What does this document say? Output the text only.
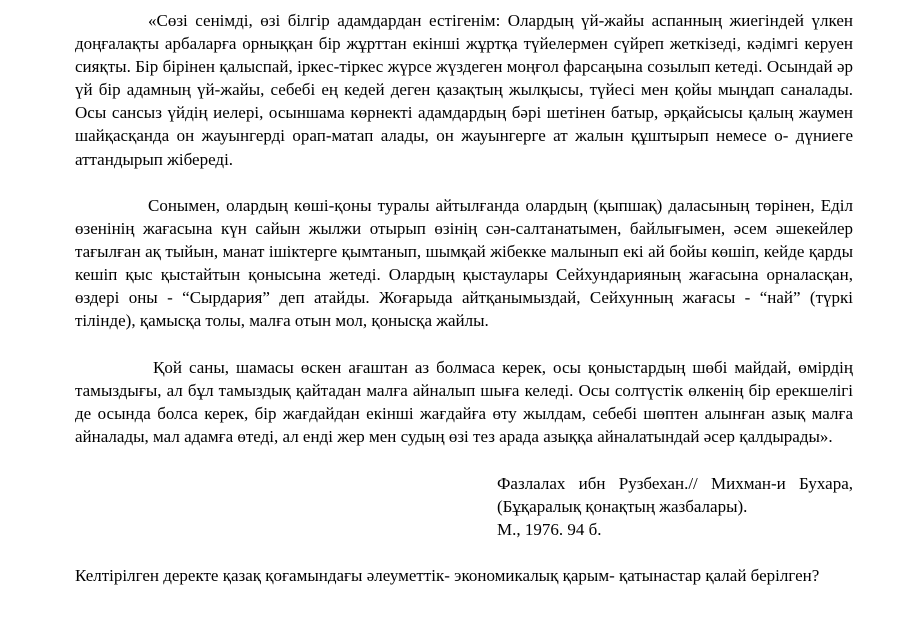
«Сөзі сенімді, өзі білгір адамдардан естігенім: Олардың үй-жайы аспанның жиегіндей үлкен доңғалақты арбаларға орныққан бір жұрттан екінші жұртқа түйелермен сүйреп жеткізеді, кәдімгі керуен сияқты. Бір бірінен қалыспай, іркес-тіркес жүрсе жүздеген моңғол фарсаңына созылып кетеді. Осындай әр үй бір адамның үй-жайы, себебі ең кедей деген қазақтың жылқысы, түйесі мен қойы мыңдап саналады. Осы сансыз үйдің иелері, осыншама көрнекті адамдардың бәрі шетінен батыр, әрқайсысы қалың жаумен шайқасқанда он жауынгерді орап-матап алады, он жауынгерге ат жалын құштырып немесе о- дүниеге аттандырып жібереді.

Сонымен, олардың көші-қоны туралы айтылғанда олардың (қыпшақ) даласының төрінен, Еділ өзенінің жағасына күн сайын жылжи отырып өзінің сән-салтанатымен, байлығымен, әсем әшекейлер тағылған ақ тыйын, манат ішіктерге қымтанып, шымқай жібекке малынып екі ай бойы көшіп, кейде қарды кешіп қыс қыстайтын қонысына жетеді. Олардың қыстаулары Сейхундарияның жағасына орналасқан, өздері оны - “Сырдария” деп атайды. Жоғарыда айтқанымыздай, Сейхунның жағасы - “най” (түркі тілінде), қамысқа толы, малға отын мол, қонысқа жайлы.

Қой саны, шамасы өскен ағаштан аз болмаса керек, осы қоныстардың шөбі майдай, өмірдің тамыздығы, ал бұл тамыздық қайтадан малға айналып шыға келеді. Осы солтүстік өлкенің бір ерекшелігі де осында болса керек, бір жағдайдан екінші жағдайға өту жылдам, себебі шөптен алынған азық малға айналады, мал адамға өтеді, ал енді жер мен судың өзі тез арада азыққа айналатындай әсер қалдырады».

Фазлалах ибн Рузбехан.// Михман-и Бухара, (Бұқаралық қонақтың жазбалары).
М., 1976. 94 б.

Келтірілген деректе қазақ қоғамындағы әлеуметтік- экономикалық қарым- қатынастар қалай берілген?
